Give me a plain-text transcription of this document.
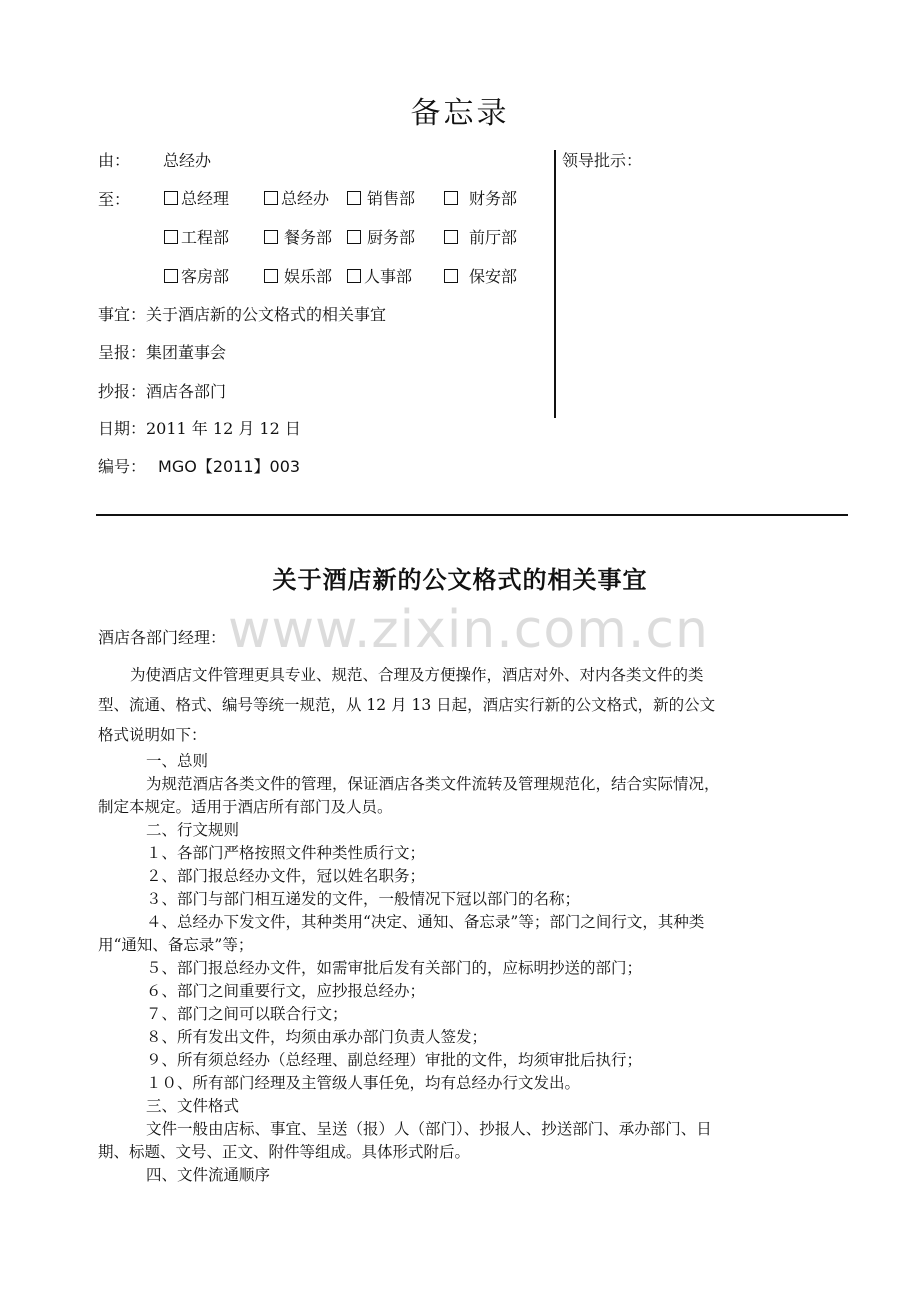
备忘录
由： 总经办	领导批示：
至：	总经理	总经办	销售部	财务部
工程部	餐务部	厨务部	前厅部
客房部	娱乐部	人事部	保安部
事宜：关于酒店新的公文格式的相关事宜
呈报：集团董事会
抄报：酒店各部门
日期：2011 年 12 月 12 日
编号： MGO【2011】003
关于酒店新的公文格式的相关事宜
www.zixin.com.cn
酒店各部门经理：
为使酒店文件管理更具专业、规范、合理及方便操作，酒店对外、对内各类文件的类
型、流通、格式、编号等统一规范，从 12 月 13 日起，酒店实行新的公文格式，新的公文
格式说明如下：
一、总则
为规范酒店各类文件的管理，保证酒店各类文件流转及管理规范化，结合实际情况，
制定本规定。适用于酒店所有部门及人员。
二、行文规则
１、各部门严格按照文件种类性质行文；
２、部门报总经办文件，冠以姓名职务；
３、部门与部门相互递发的文件，一般情况下冠以部门的名称；
４、总经办下发文件，其种类用“决定、通知、备忘录”等；部门之间行文，其种类
用“通知、备忘录”等；
５、部门报总经办文件，如需审批后发有关部门的，应标明抄送的部门；
６、部门之间重要行文，应抄报总经办；
７、部门之间可以联合行文；
８、所有发出文件，均须由承办部门负责人签发；
９、所有须总经办（总经理、副总经理）审批的文件，均须审批后执行；
１０、所有部门经理及主管级人事任免，均有总经办行文发出。
三、文件格式
文件一般由店标、事宜、呈送（报）人（部门）、抄报人、抄送部门、承办部门、日
期、标题、文号、正文、附件等组成。具体形式附后。
四、文件流通顺序
